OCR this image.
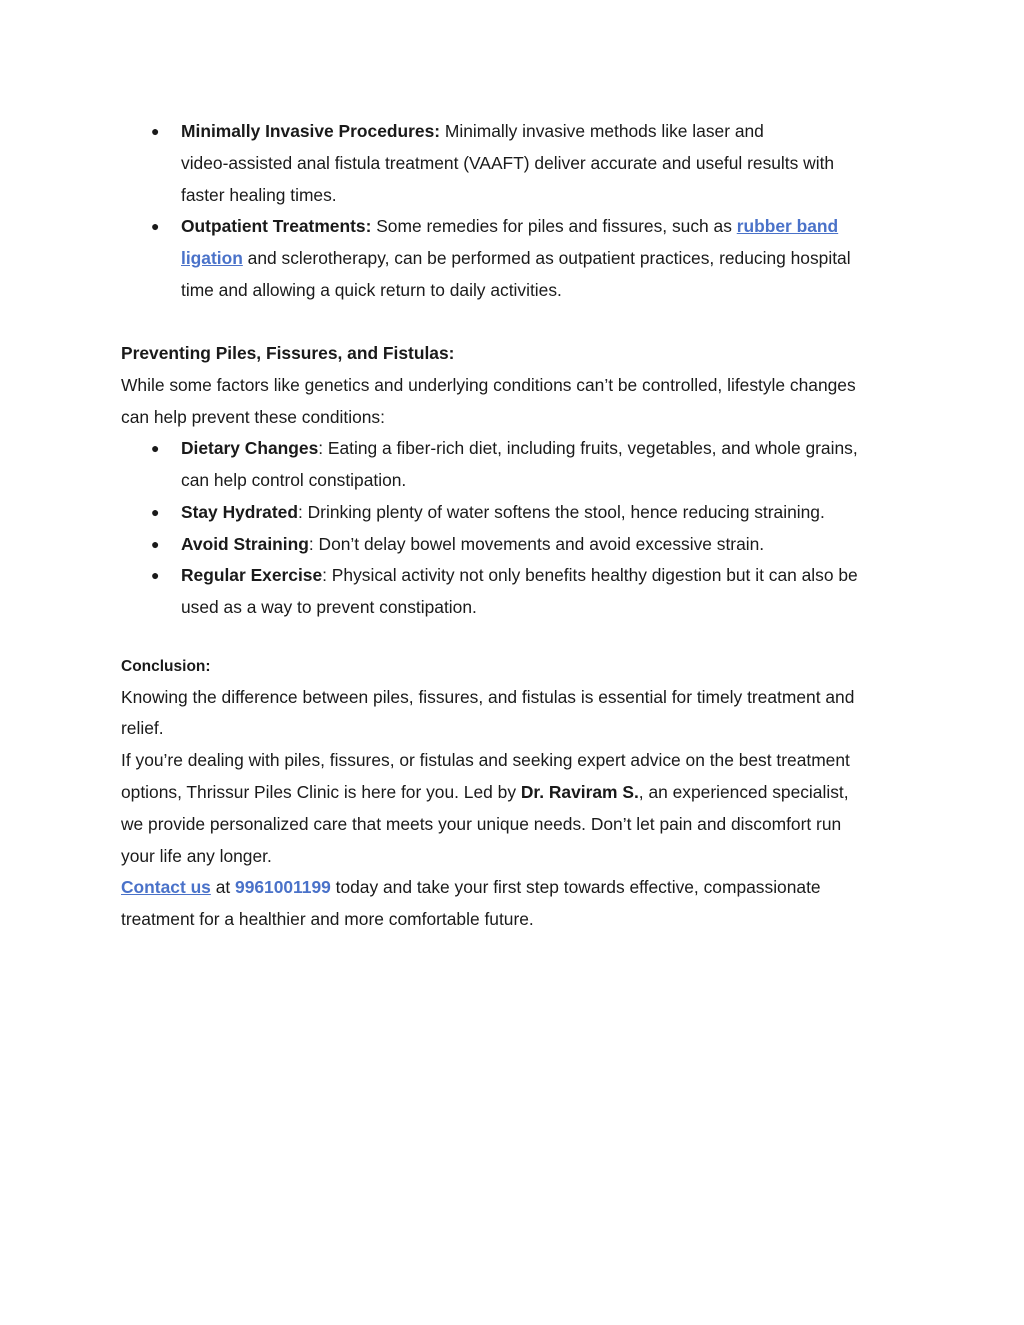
● Minimally Invasive Procedures: Minimally invasive methods like laser and
video-assisted anal fistula treatment (VAAFT) deliver accurate and useful results with
faster healing times.
● Outpatient Treatments: Some remedies for piles and fissures, such as rubber band
ligation and sclerotherapy, can be performed as outpatient practices, reducing hospital
time and allowing a quick return to daily activities.
Preventing Piles, Fissures, and Fistulas:
While some factors like genetics and underlying conditions can’t be controlled, lifestyle changes
can help prevent these conditions:
● Dietary Changes: Eating a fiber-rich diet, including fruits, vegetables, and whole grains,
can help control constipation.
● Stay Hydrated: Drinking plenty of water softens the stool, hence reducing straining.
● Avoid Straining: Don’t delay bowel movements and avoid excessive strain.
● Regular Exercise: Physical activity not only benefits healthy digestion but it can also be
used as a way to prevent constipation.
Conclusion:
Knowing the difference between piles, fissures, and fistulas is essential for timely treatment and
relief.
If you’re dealing with piles, fissures, or fistulas and seeking expert advice on the best treatment
options, Thrissur Piles Clinic is here for you. Led by Dr. Raviram S., an experienced specialist,
we provide personalized care that meets your unique needs. Don’t let pain and discomfort run
your life any longer.
Contact us at 9961001199 today and take your first step towards effective, compassionate
treatment for a healthier and more comfortable future.
